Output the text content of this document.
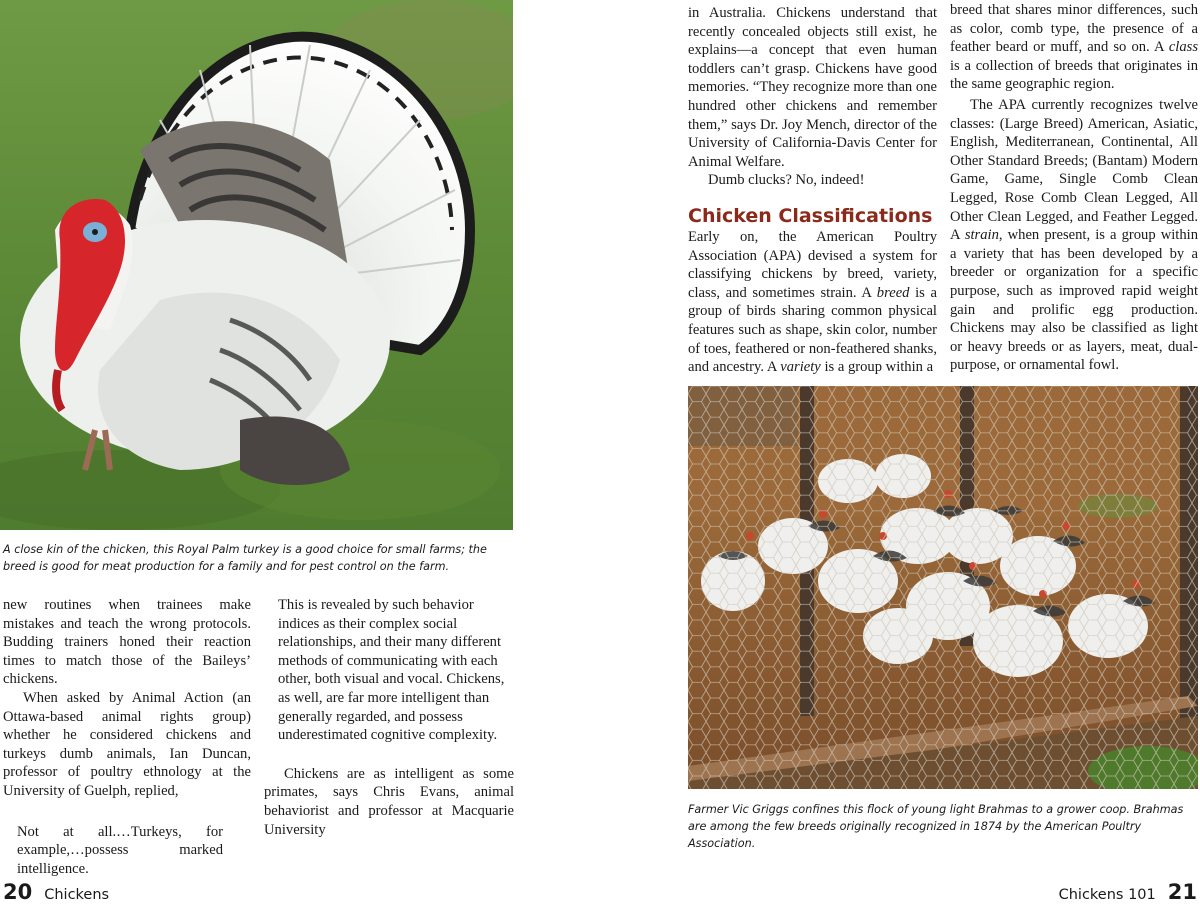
A close kin of the chicken, this Royal Palm turkey is a good choice for small farms; the breed is good for meat production for a family and for pest control on the farm.

new routines when trainees make mistakes and teach the wrong protocols. Budding trainers honed their reaction times to match those of the Baileys’ chickens.

When asked by Animal Action (an Ottawa-based animal rights group) whether he considered chickens and turkeys dumb animals, Ian Duncan, professor of poultry ethnology at the University of Guelph, replied,

Not at all.…Turkeys, for example,…possess marked intelligence.

This is revealed by such behavior indices as their complex social relationships, and their many different methods of communicating with each other, both visual and vocal. Chickens, as well, are far more intelligent than generally regarded, and possess underestimated cognitive complexity.

Chickens are as intelligent as some primates, says Chris Evans, animal behaviorist and professor at Macquarie University

20 Chickens

in Australia. Chickens understand that recently concealed objects still exist, he explains—a concept that even human toddlers can’t grasp. Chickens have good memories. “They recognize more than one hundred other chickens and remember them,” says Dr. Joy Mench, director of the University of California-Davis Center for Animal Welfare.

Dumb clucks? No, indeed!

Chicken Classifications

Early on, the American Poultry Association (APA) devised a system for classifying chickens by breed, variety, class, and sometimes strain. A breed is a group of birds sharing common physical features such as shape, skin color, number of toes, feathered or non-feathered shanks, and ancestry. A variety is a group within a

breed that shares minor differences, such as color, comb type, the presence of a feather beard or muff, and so on. A class is a collection of breeds that originates in the same geographic region.

The APA currently recognizes twelve classes: (Large Breed) American, Asiatic, English, Mediterranean, Continental, All Other Standard Breeds; (Bantam) Modern Game, Game, Single Comb Clean Legged, Rose Comb Clean Legged, All Other Clean Legged, and Feather Legged. A strain, when present, is a group within a variety that has been developed by a breeder or organization for a specific purpose, such as improved rapid weight gain and prolific egg production. Chickens may also be classified as light or heavy breeds or as layers, meat, dual-purpose, or ornamental fowl.

Farmer Vic Griggs confines this flock of young light Brahmas to a grower coop. Brahmas are among the few breeds originally recognized in 1874 by the American Poultry Association.

Chickens 101 21
